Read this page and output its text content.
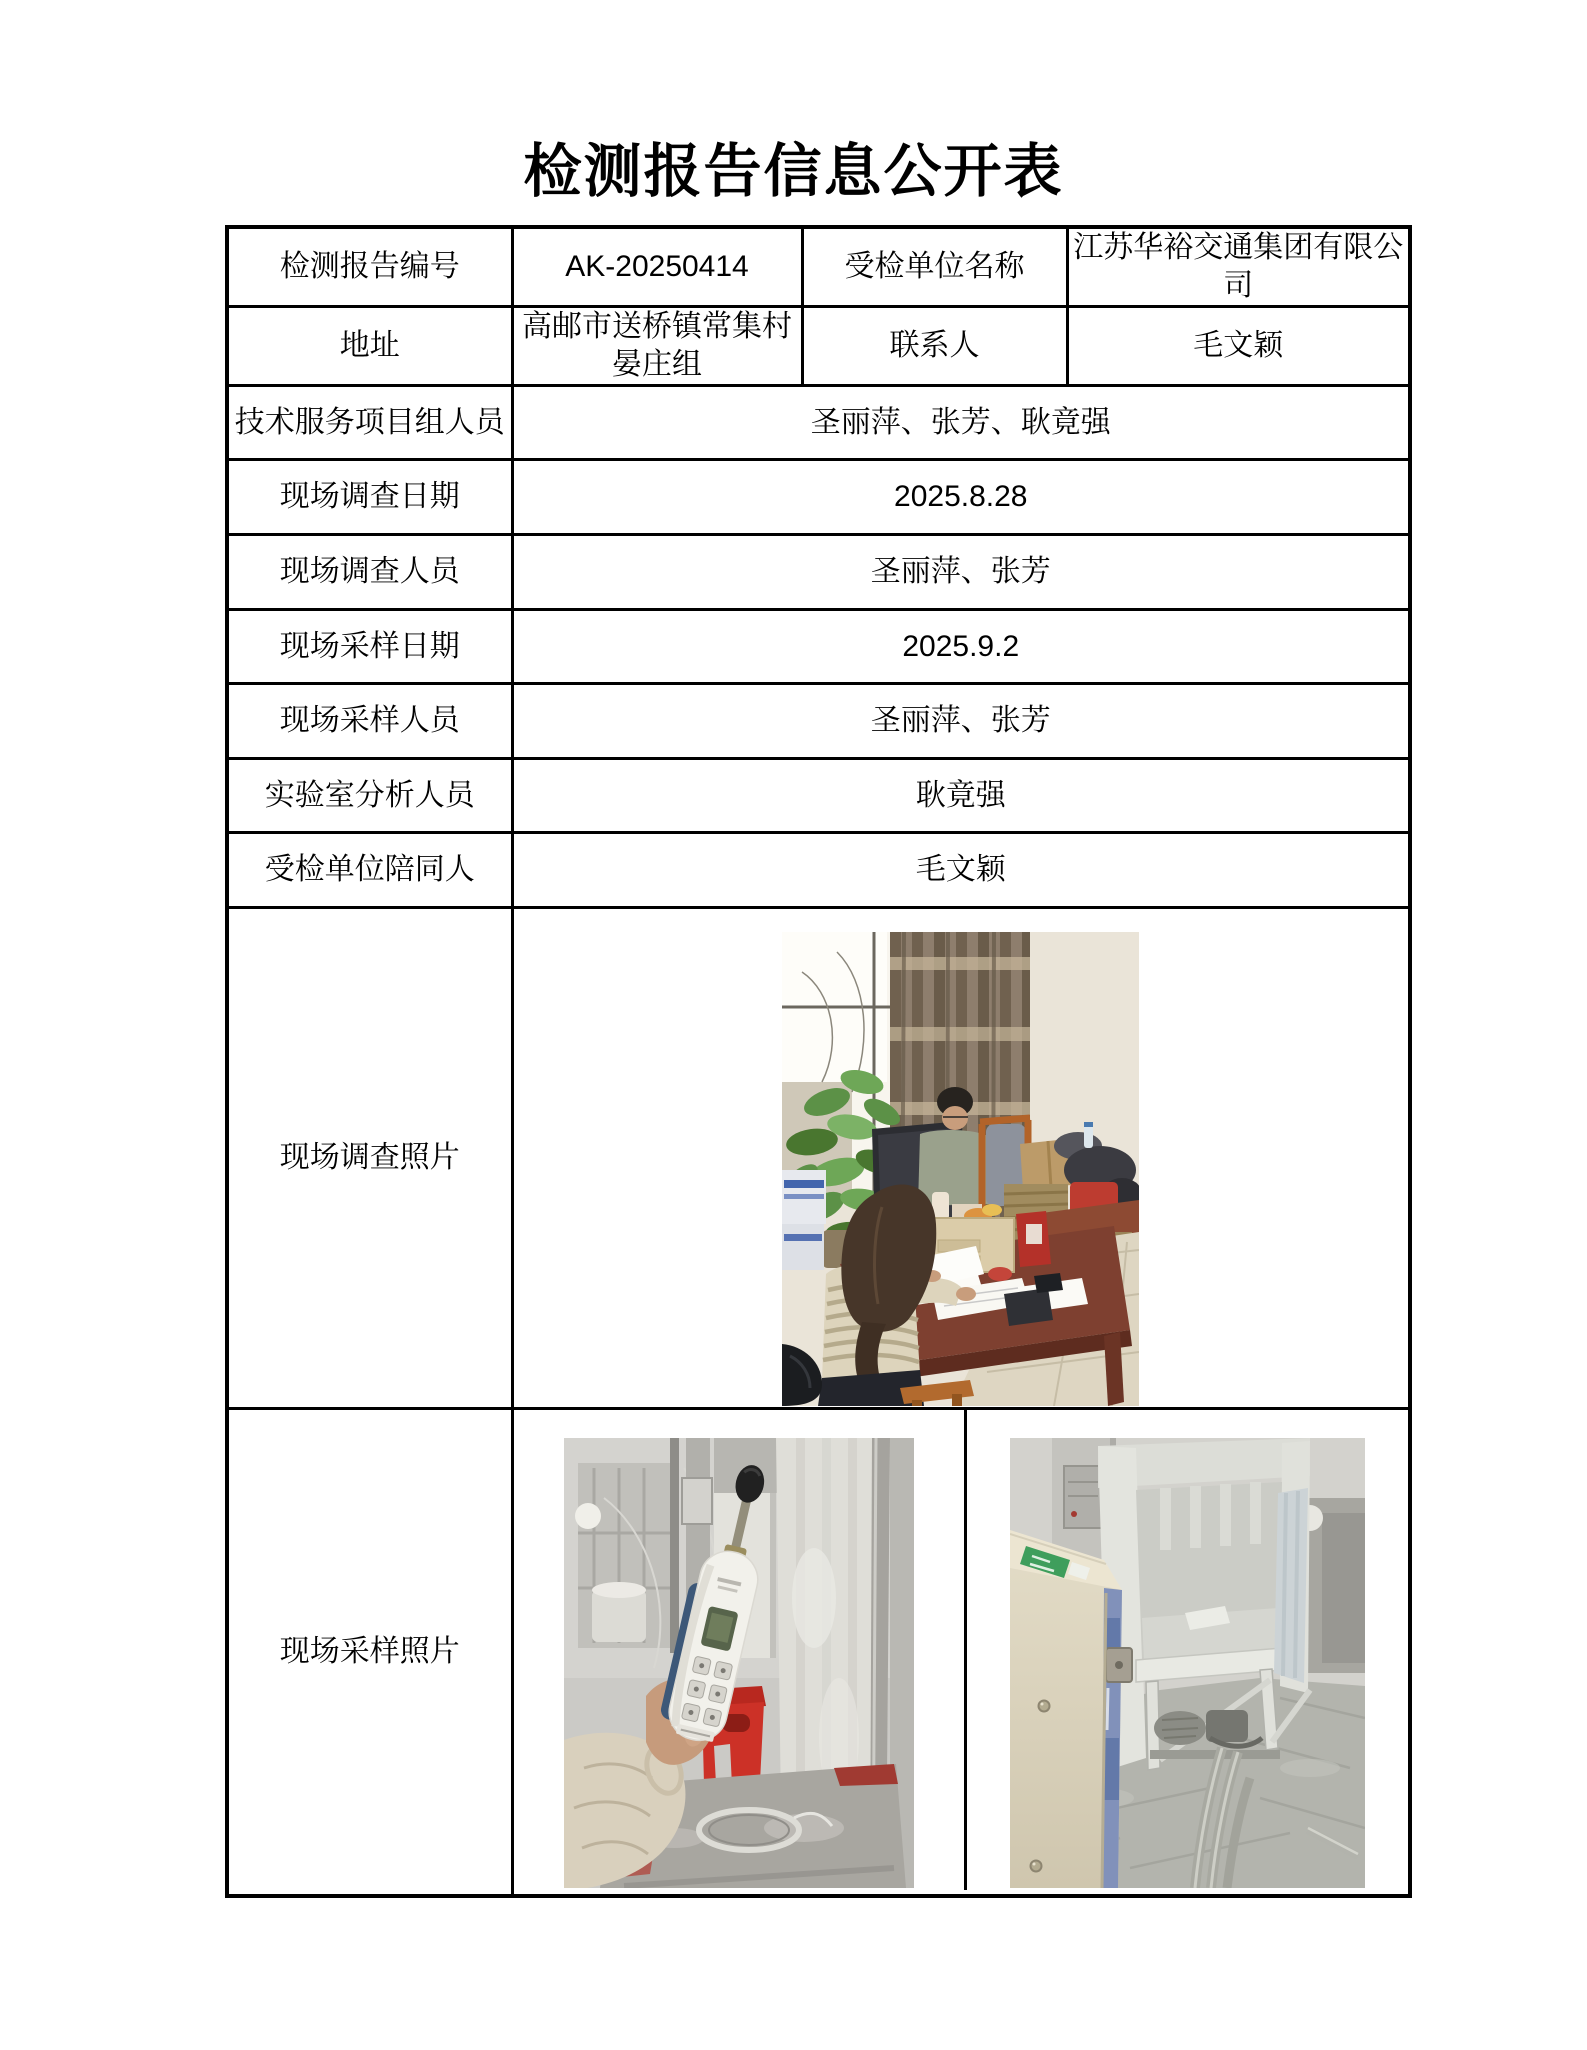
检测报告信息公开表
检测报告编号	AK-20250414	受检单位名称	江苏华裕交通集团有限公司
地址	高邮市送桥镇常集村晏庄组	联系人	毛文颖
技术服务项目组人员	圣丽萍、张芳、耿竟强		
现场调查日期	2025.8.28		
现场调查人员	圣丽萍、张芳		
现场采样日期	2025.9.2		
现场采样人员	圣丽萍、张芳		
实验室分析人员	耿竟强		
受检单位陪同人	毛文颖		
现场调查照片	

现场采样照片	
